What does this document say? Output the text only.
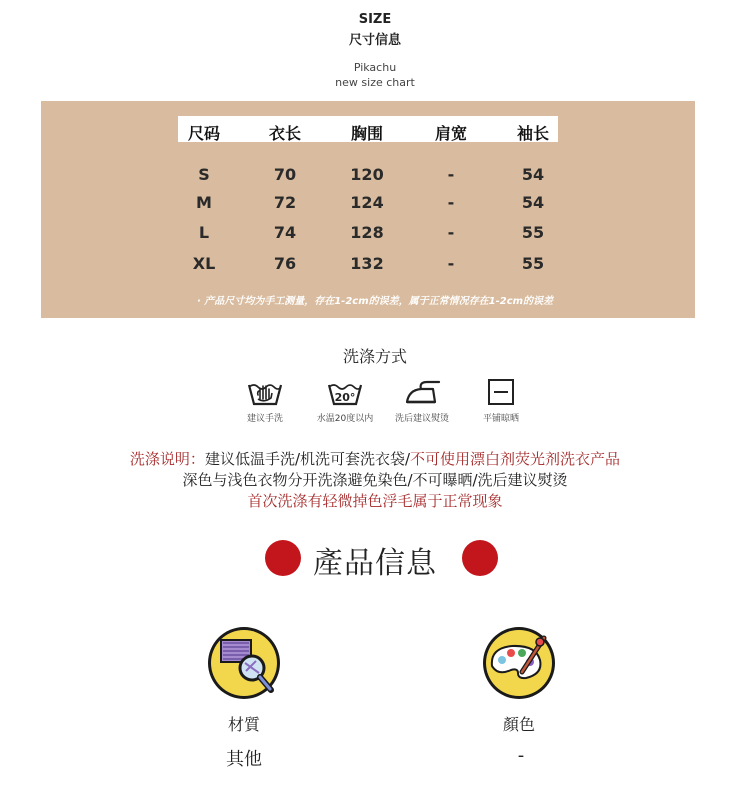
SIZE
尺寸信息
Pikachu
new size chart
尺码	衣长	胸围	肩宽	袖长
S	70	120	-	54
M	72	124	-	54
L	74	128	-	55
XL	76	132	-	55
· 产品尺寸均为手工测量，存在1-2cm的误差，属于正常情况存在1-2cm的误差
洗涤方式
20°
建议手洗	水温20度以内	洗后建议熨烫	平铺晾晒
洗涤说明：建议低温手洗/机洗可套洗衣袋/不可使用漂白剂荧光剂洗衣产品
深色与浅色衣物分开洗涤避免染色/不可曝晒/洗后建议熨烫
首次洗涤有轻微掉色浮毛属于正常现象
產品信息
材質
其他
顏色
-
